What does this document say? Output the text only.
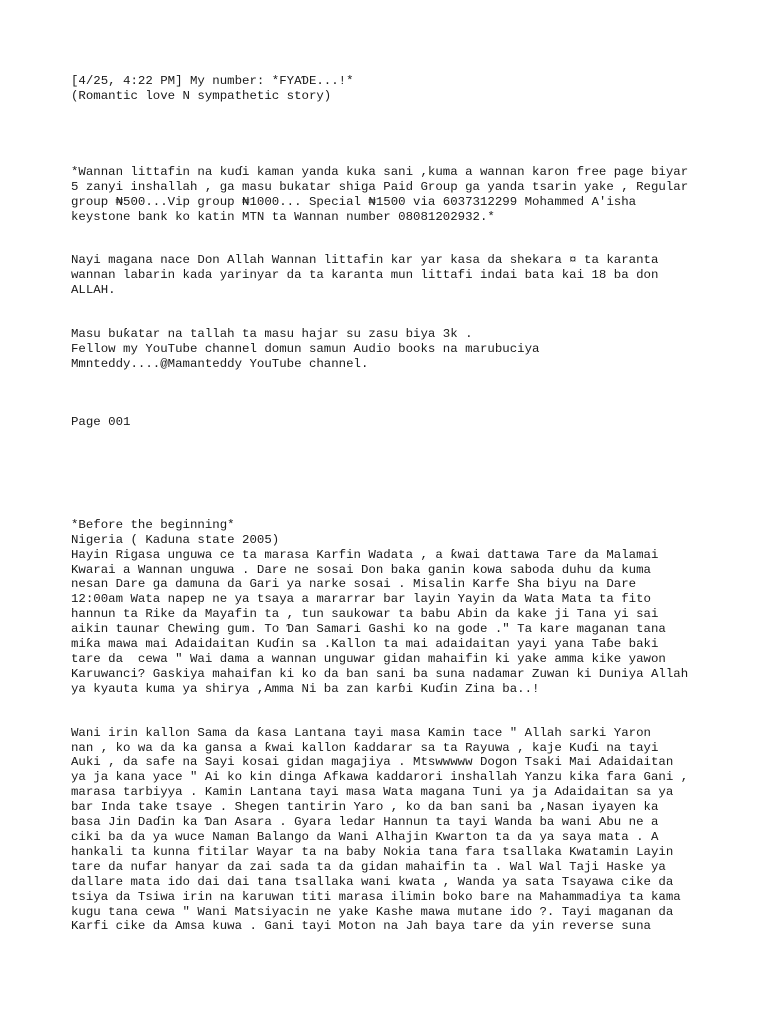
[4/25, 4:22 PM] My number: *FYAƊE...!*
(Romantic love N sympathetic story)
*Wannan littafin na kuɗi kaman yanda kuka sani ,kuma a wannan karon free page biyar
5 zanyi inshallah , ga masu bukatar shiga Paid Group ga yanda tsarin yake , Regular
group ₦500...Vip group ₦1000... Special ₦1500 via 6037312299 Mohammed A'isha
keystone bank ko katin MTN ta Wannan number 08081202932.*
Nayi magana nace Don Allah Wannan littafin kar yar kasa da shekara ¤ ta karanta
wannan labarin kada yarinyar da ta karanta mun littafi indai bata kai 18 ba don
ALLAH.
Masu buƙatar na tallah ta masu hajar su zasu biya 3k .
Fellow my YouTube channel domun samun Audio books na marubuciya
Mmnteddy....@Mamanteddy YouTube channel.
Page 001
*Before the beginning*
Nigeria ( Kaduna state 2005)
Hayin Rigasa unguwa ce ta marasa Karfin Wadata , a ƙwai dattawa Tare da Malamai
Kwarai a Wannan unguwa . Dare ne sosai Don baka ganin kowa saboda duhu da kuma
nesan Dare ga damuna da Gari ya narke sosai . Misalin Karfe Sha biyu na Dare
12:00am Wata napep ne ya tsaya a mararrar bar layin Yayin da Wata Mata ta fito
hannun ta Rike da Mayafin ta , tun saukowar ta babu Abin da kake ji Tana yi sai
aikin taunar Chewing gum. To Ɗan Samari Gashi ko na gode ." Ta kare maganan tana
miƙa mawa mai Adaidaitan Kuɗin sa .Kallon ta mai adaidaitan yayi yana Taɓe baki
tare da  cewa " Wai dama a wannan unguwar gidan mahaifin ki yake amma kike yawon
Karuwanci? Gaskiya mahaifan ki ko da ban sani ba suna nadamar Zuwan ki Duniya Allah
ya kyauta kuma ya shirya ,Amma Ni ba zan karɓi Kuɗin Zina ba..!
Wani irin kallon Sama da ƙasa Lantana tayi masa Kamin tace " Allah sarki Yaron
nan , ko wa da ka gansa a ƙwai kallon ƙaddarar sa ta Rayuwa , kaje Kuɗi na tayi
Auki , da safe na Sayi kosai gidan magajiya . Mtswwwww Dogon Tsaki Mai Adaidaitan
ya ja kana yace " Ai ko kin dinga Afkawa kaddarori inshallah Yanzu kika fara Gani ,
marasa tarbiyya . Kamin Lantana tayi masa Wata magana Tuni ya ja Adaidaitan sa ya
bar Inda take tsaye . Shegen tantirin Yaro , ko da ban sani ba ,Nasan iyayen ka
basa Jin Daɗin ka Ɗan Asara . Gyara ledar Hannun ta tayi Wanda ba wani Abu ne a
ciki ba da ya wuce Naman Balango da Wani Alhajin Kwarton ta da ya saya mata . A
hankali ta kunna fitilar Wayar ta na baby Nokia tana fara tsallaka Kwatamin Layin
tare da nufar hanyar da zai sada ta da gidan mahaifin ta . Wal Wal Taji Haske ya
dallare mata ido dai dai tana tsallaka wani kwata , Wanda ya sata Tsayawa cike da
tsiya da Tsiwa irin na karuwan titi marasa ilimin boko bare na Mahammadiya ta kama
kugu tana cewa " Wani Matsiyacin ne yake Kashe mawa mutane ido ?. Tayi maganan da
Karfi cike da Amsa kuwa . Gani tayi Moton na Jah baya tare da yin reverse suna
